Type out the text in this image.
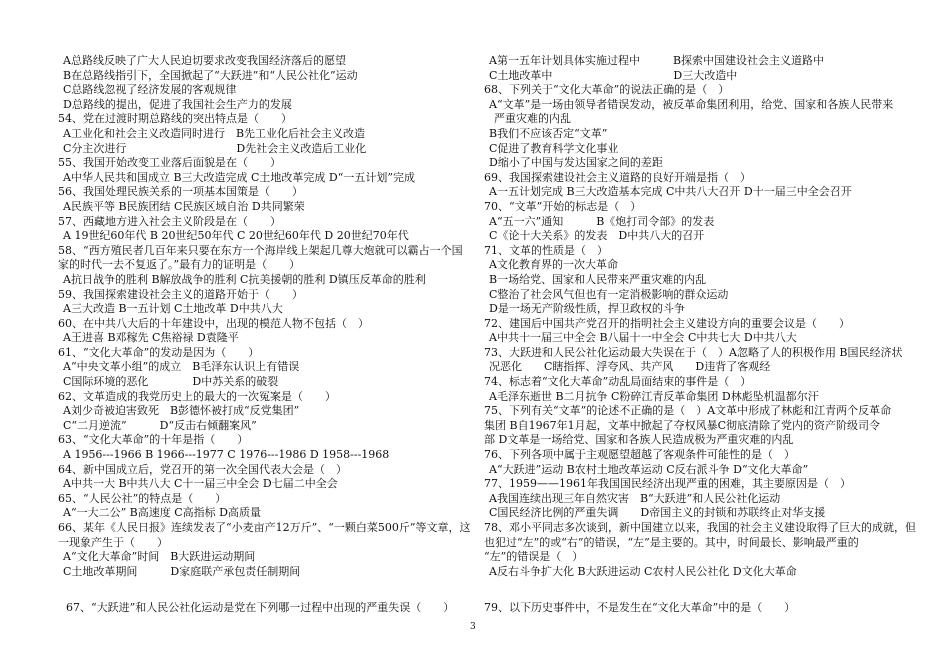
A总路线反映了广大人民迫切要求改变我国经济落后的愿望
B在总路线指引下，全国掀起了“大跃进”和“人民公社化”运动
C总路线忽视了经济发展的客观规律
D总路线的提出，促进了我国社会生产力的发展
54、党在过渡时期总路线的突出特点是（　　）
A工业化和社会主义改造同时进行　B先工业化后社会主义改造
C分主次进行　　　　　　　　　　D先社会主义改造后工业化
55、我国开始改变工业落后面貌是在（　　）
A中华人民共和国成立 B三大改造完成 C土地改革完成 D“一五计划”完成
56、我国处理民族关系的一项基本国策是（　　）
A民族平等 B民族团结 C民族区域自治 D共同繁荣
57、西藏地方进入社会主义阶段是在（　　）
A 19世纪60年代 B 20世纪50年代 C 20世纪60年代 D 20世纪70年代
58、“西方殖民者几百年来只要在东方一个海岸线上架起几尊大炮就可以霸占一个国
家的时代一去不复返了。”最有力的证明是（　　）
A抗日战争的胜利 B解放战争的胜利 C抗美援朝的胜利 D镇压反革命的胜利
59、我国探索建设社会主义的道路开始于（　　）
A三大改造 B一五计划 C土地改革 D中共八大
60、在中共八大后的十年建设中，出现的模范人物不包括（　）
A王进喜 B邓稼先 C焦裕禄 D袁隆平
61、“文化大革命”的发动是因为（　　）
A“中央文革小组”的成立　B毛泽东认识上有错误
C国际环境的恶化　　　　D中苏关系的破裂
62、文革造成的我党历史上的最大的一次冤案是（　　）
A刘少奇被迫害致死　B彭德怀被打成“反党集团”
C“二月逆流”　　　D“反击右倾翻案风”
63、“文化大革命”的十年是指（　　）
A 1956---1966 B 1966---1977 C 1976---1986 D 1958---1968
64、新中国成立后，党召开的第一次全国代表大会是（　）
A中共一大 B中共八大 C十一届三中全会 D七届二中全会
65、“人民公社”的特点是（　　）
A“一大二公” B高速度 C高指标 D高质量
66、某年《人民日报》连续发表了“小麦亩产12万斤”、“一颗白菜500斤”等文章，这
一现象产生于（　　）
A“文化大革命”时间　B大跃进运动期间
C土地改革期间　　　D家庭联产承包责任制期间
A第一五年计划具体实施过程中　　　B探索中国建设社会主义道路中
C土地改革中　　　　　　　　　　　D三大改造中
68、下列关于“文化大革命”的说法正确的是（　）
A“文革”是一场由领导者错误发动，被反革命集团利用，给党、国家和各族人民带来
严重灾难的内乱
B我们不应该否定“文革”
C促进了教育科学文化事业
D缩小了中国与发达国家之间的差距
69、我国探索建设社会主义道路的良好开端是指（　）
A一五计划完成 B三大改造基本完成 C中共八大召开 D十一届三中全会召开
70、“文革”开始的标志是（　）
A“五一六”通知　　　B《炮打司令部》的发表
C《论十大关系》的发表　D中共八大的召开
71、文革的性质是（　）
A文化教育界的一次大革命
B一场给党、国家和人民带来严重灾难的内乱
C整治了社会风气但也有一定消极影响的群众运动
D是一场无产阶级性质，捍卫政权的斗争
72、建国后中国共产党召开的指明社会主义建设方向的重要会议是（　　）
A中共十一届三中全会 B八届十一中全会 C中共七大 D中共八大
73、大跃进和人民公社化运动最大失误在于（　）A忽略了人的积极作用 B国民经济状
况恶化　　C瞎指挥、浮夸风、共产风　　D违背了客观经
74、标志着“文化大革命”动乱局面结束的事件是（　）
A毛泽东逝世 B二月抗争 C粉碎江青反革命集团 D林彪坠机温都尔汗
75、下列有关“文革”的论述不正确的是（　）A文革中形成了林彪和江青两个反革命
集团 B自1967年1月起，文革中掀起了夺权风暴C彻底清除了党内的资产阶级司令
部 D文革是一场给党、国家和各族人民造成极为严重灾难的内乱
76、下列各项中属于主观愿望超越了客观条件可能性的是（　）
A“大跃进”运动 B农村土地改革运动 C反右派斗争 D“文化大革命”
77、1959——1961年我国国民经济出现严重的困难，其主要原因是（　）
A我国连续出现三年自然灾害　B“大跃进”和人民公社化运动
C国民经济比例的严重失调　　D帝国主义的封锁和苏联终止对华支援
78、邓小平同志多次谈到，新中国建立以来，我国的社会主义建设取得了巨大的成就，但
也犯过“左”的或“右”的错误，“左”是主要的。其中，时间最长、影响最严重的
“左”的错误是（　）
A反右斗争扩大化 B大跃进运动 C农村人民公社化 D文化大革命
67、“大跃进”和人民公社化运动是党在下列哪一过程中出现的严重失误（　　）	79、以下历史事件中，不是发生在“文化大革命”中的是（　　）
3
